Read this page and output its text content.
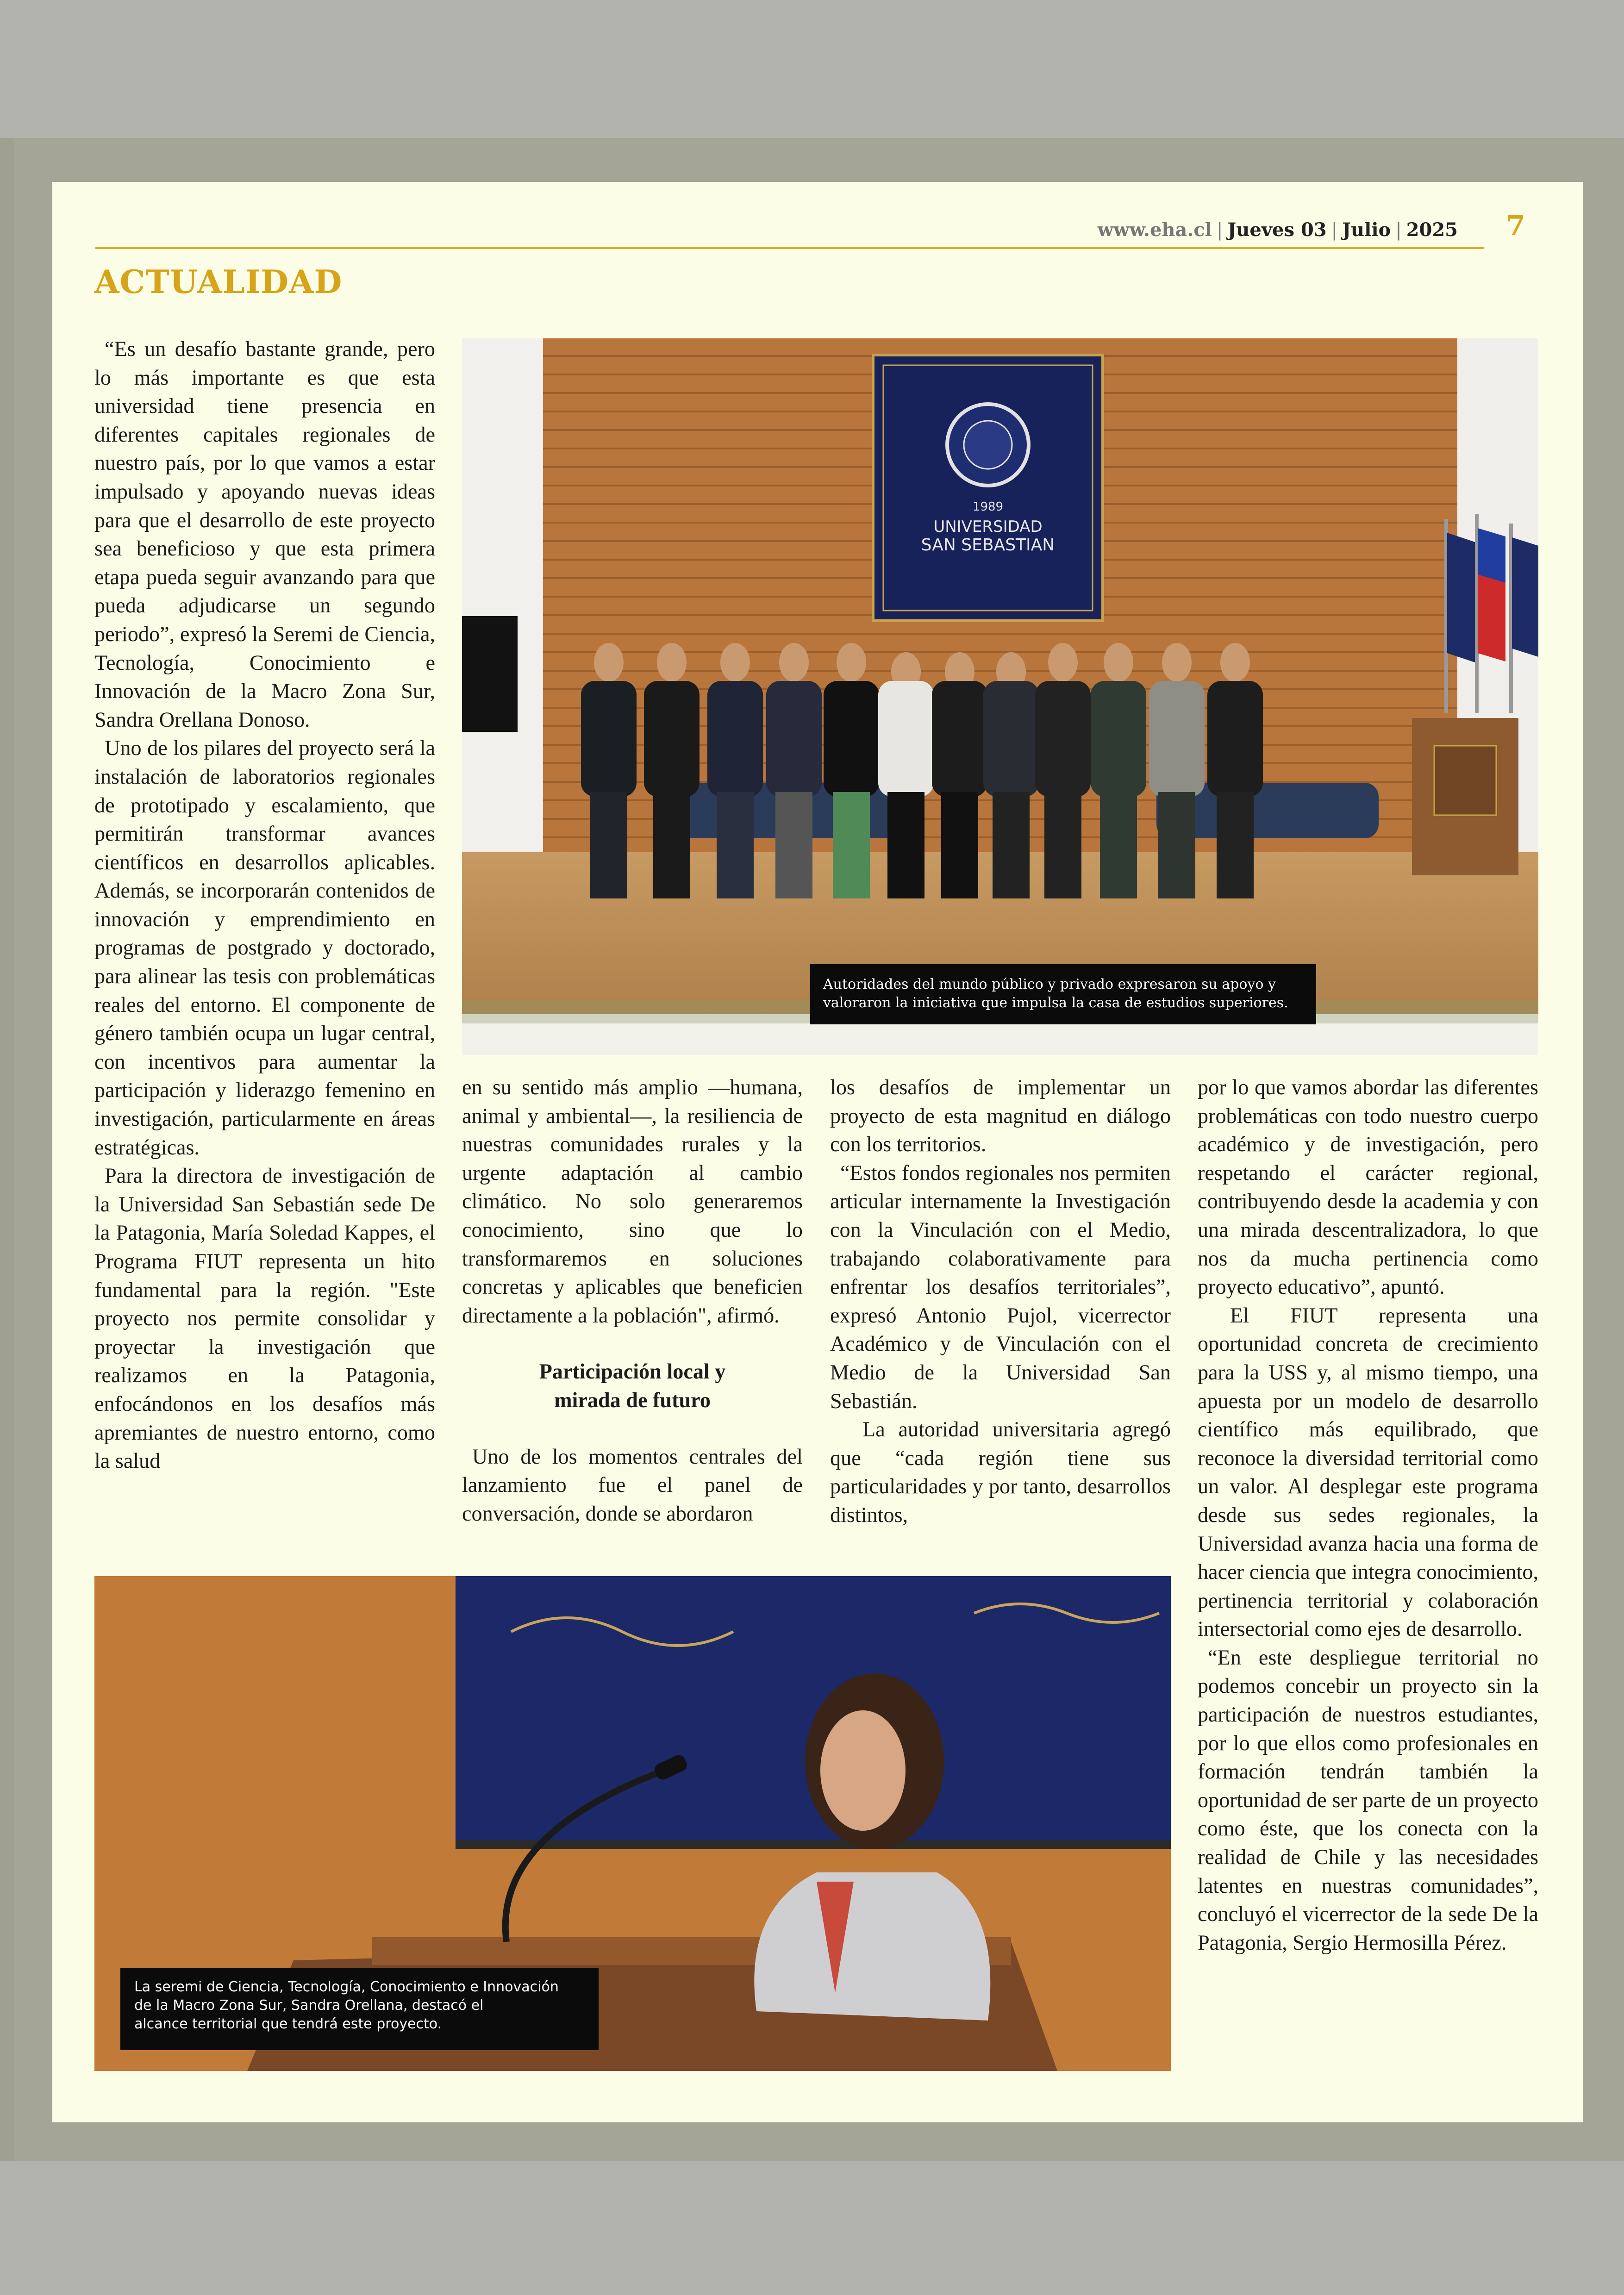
www.eha.cl | Jueves 03 | Julio | 2025 7
ACTUALIDAD

“Es un desafío bastante grande, pero lo más importante es que esta universidad tiene presencia en diferentes capitales regionales de nuestro país, por lo que vamos a estar impulsado y apoyando nuevas ideas para que el desarrollo de este proyecto sea beneficioso y que esta primera etapa pueda seguir avanzando para que pueda adjudicarse un segundo periodo”, expresó la Seremi de Ciencia, Tecnología, Conocimiento e Innovación de la Macro Zona Sur, Sandra Orellana Donoso.

Uno de los pilares del proyecto será la instalación de laboratorios regionales de prototipado y escalamiento, que permitirán transformar avances científicos en desarrollos aplicables. Además, se incorporarán contenidos de innovación y emprendimiento en programas de postgrado y doctorado, para alinear las tesis con problemáticas reales del entorno. El componente de género también ocupa un lugar central, con incentivos para aumentar la participación y liderazgo femenino en investigación, particularmente en áreas estratégicas.

Para la directora de investigación de la Universidad San Sebastián sede De la Patagonia, María Soledad Kappes, el Programa FIUT representa un hito fundamental para la región. "Este proyecto nos permite consolidar y proyectar la investigación que realizamos en la Patagonia, enfocándonos en los desafíos más apremiantes de nuestro entorno, como la salud

1989
UNIVERSIDAD
SAN SEBASTIAN
Autoridades del mundo público y privado expresaron su apoyo y
valoraron la iniciativa que impulsa la casa de estudios superiores.

en su sentido más amplio —humana, animal y ambiental—, la resiliencia de nuestras comunidades rurales y la urgente adaptación al cambio climático. No solo generaremos conocimiento, sino que lo transformaremos en soluciones concretas y aplicables que beneficien directamente a la población", afirmó.

Participación local y
mirada de futuro

Uno de los momentos centrales del lanzamiento fue el panel de conversación, donde se abordaron

los desafíos de implementar un proyecto de esta magnitud en diálogo con los territorios.

“Estos fondos regionales nos permiten articular internamente la Investigación con la Vinculación con el Medio, trabajando colaborativamente para enfrentar los desafíos territoriales”, expresó Antonio Pujol, vicerrector Académico y de Vinculación con el Medio de la Universidad San Sebastián.

La autoridad universitaria agregó que “cada región tiene sus particularidades y por tanto, desarrollos distintos,

por lo que vamos abordar las diferentes problemáticas con todo nuestro cuerpo académico y de investigación, pero respetando el carácter regional, contribuyendo desde la academia y con una mirada descentralizadora, lo que nos da mucha pertinencia como proyecto educativo”, apuntó.

El FIUT representa una oportunidad concreta de crecimiento para la USS y, al mismo tiempo, una apuesta por un modelo de desarrollo científico más equilibrado, que reconoce la diversidad territorial como un valor. Al desplegar este programa desde sus sedes regionales, la Universidad avanza hacia una forma de hacer ciencia que integra conocimiento, pertinencia territorial y colaboración intersectorial como ejes de desarrollo.

“En este despliegue territorial no podemos concebir un proyecto sin la participación de nuestros estudiantes, por lo que ellos como profesionales en formación tendrán también la oportunidad de ser parte de un proyecto como éste, que los conecta con la realidad de Chile y las necesidades latentes en nuestras comunidades”, concluyó el vicerrector de la sede De la Patagonia, Sergio Hermosilla Pérez.

La seremi de Ciencia, Tecnología, Conocimiento e Innovación
de la Macro Zona Sur, Sandra Orellana, destacó el
alcance territorial que tendrá este proyecto.
